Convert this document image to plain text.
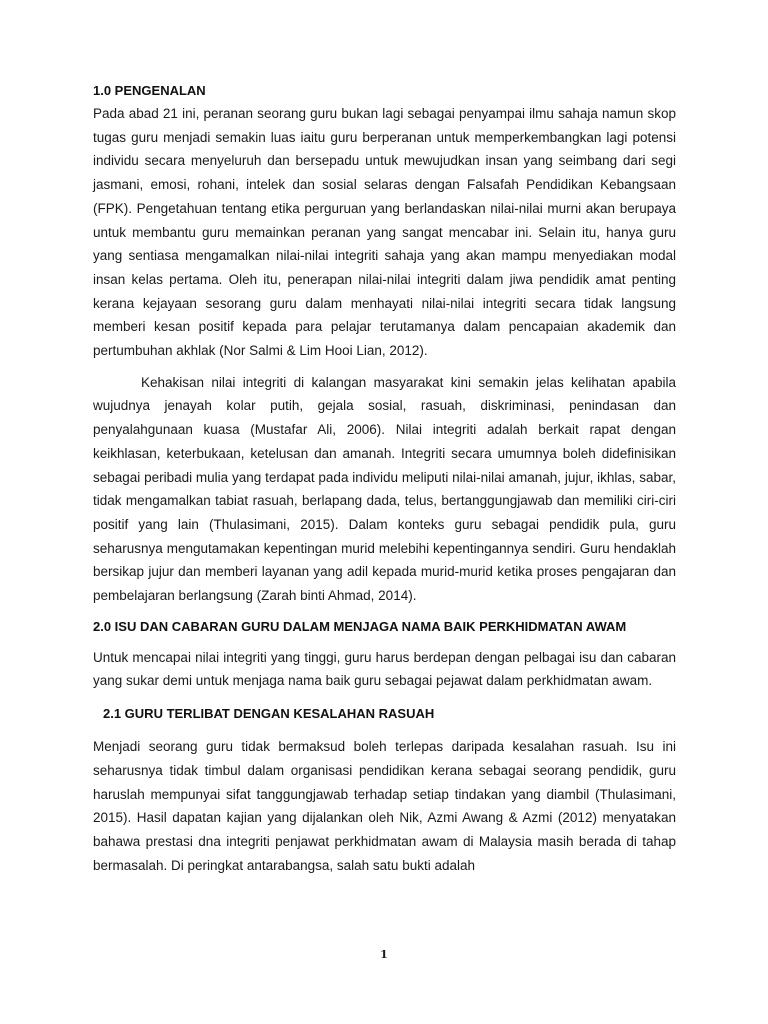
1.0 PENGENALAN

Pada abad 21 ini, peranan seorang guru bukan lagi sebagai penyampai ilmu sahaja namun skop tugas guru menjadi semakin luas iaitu guru berperanan untuk memperkembangkan lagi potensi individu secara menyeluruh dan bersepadu untuk mewujudkan insan yang seimbang dari segi jasmani, emosi, rohani, intelek dan sosial selaras dengan Falsafah Pendidikan Kebangsaan (FPK). Pengetahuan tentang etika perguruan yang berlandaskan nilai-nilai murni akan berupaya untuk membantu guru memainkan peranan yang sangat mencabar ini. Selain itu, hanya guru yang sentiasa mengamalkan nilai-nilai integriti sahaja yang akan mampu menyediakan modal insan kelas pertama. Oleh itu, penerapan nilai-nilai integriti dalam jiwa pendidik amat penting kerana kejayaan sesorang guru dalam menhayati nilai-nilai integriti secara tidak langsung memberi kesan positif kepada para pelajar terutamanya dalam pencapaian akademik dan pertumbuhan akhlak (Nor Salmi & Lim Hooi Lian, 2012).

Kehakisan nilai integriti di kalangan masyarakat kini semakin jelas kelihatan apabila wujudnya jenayah kolar putih, gejala sosial, rasuah, diskriminasi, penindasan dan penyalahgunaan kuasa (Mustafar Ali, 2006). Nilai integriti adalah berkait rapat dengan keikhlasan, keterbukaan, ketelusan dan amanah. Integriti secara umumnya boleh didefinisikan sebagai peribadi mulia yang terdapat pada individu meliputi nilai-nilai amanah, jujur, ikhlas, sabar, tidak mengamalkan tabiat rasuah, berlapang dada, telus, bertanggungjawab dan memiliki ciri-ciri positif yang lain (Thulasimani, 2015). Dalam konteks guru sebagai pendidik pula, guru seharusnya mengutamakan kepentingan murid melebihi kepentingannya sendiri. Guru hendaklah bersikap jujur dan memberi layanan yang adil kepada murid-murid ketika proses pengajaran dan pembelajaran berlangsung (Zarah binti Ahmad, 2014).

2.0 ISU DAN CABARAN GURU DALAM MENJAGA NAMA BAIK PERKHIDMATAN AWAM

Untuk mencapai nilai integriti yang tinggi, guru harus berdepan dengan pelbagai isu dan cabaran yang sukar demi untuk menjaga nama baik guru sebagai pejawat dalam perkhidmatan awam.

2.1 GURU TERLIBAT DENGAN KESALAHAN RASUAH

Menjadi seorang guru tidak bermaksud boleh terlepas daripada kesalahan rasuah. Isu ini seharusnya tidak timbul dalam organisasi pendidikan kerana sebagai seorang pendidik, guru haruslah mempunyai sifat tanggungjawab terhadap setiap tindakan yang diambil (Thulasimani, 2015). Hasil dapatan kajian yang dijalankan oleh Nik, Azmi Awang & Azmi (2012) menyatakan bahawa prestasi dna integriti penjawat perkhidmatan awam di Malaysia masih berada di tahap bermasalah. Di peringkat antarabangsa, salah satu bukti adalah

1
